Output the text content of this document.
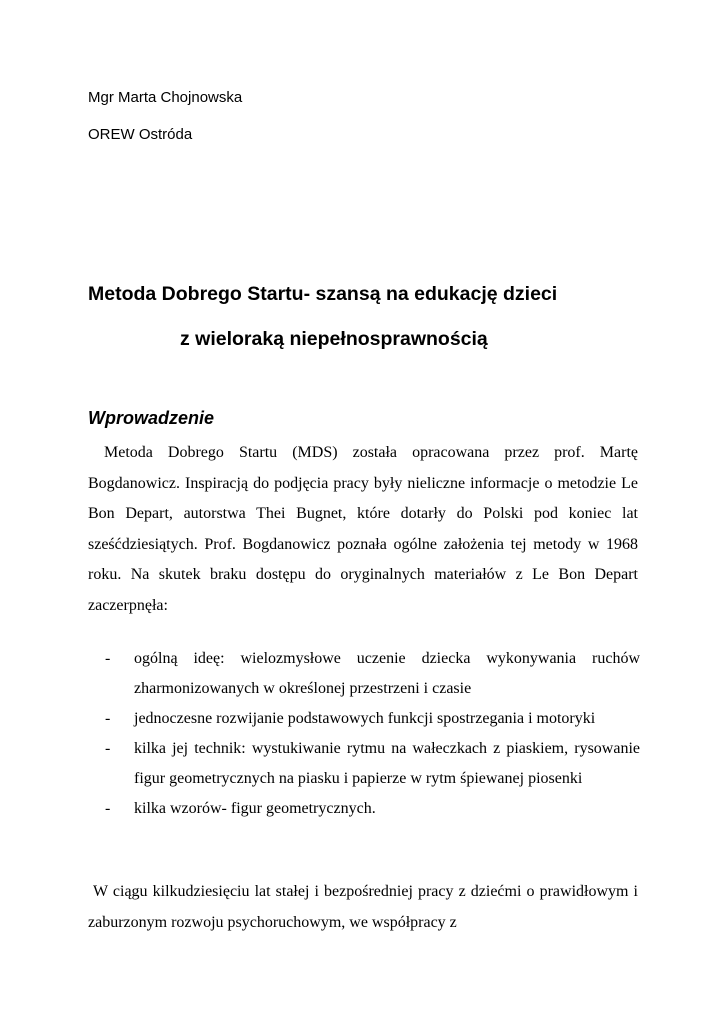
Mgr Marta Chojnowska
OREW Ostróda
Metoda Dobrego Startu- szansą na edukację dzieci
z wieloraką niepełnosprawnością
Wprowadzenie

Metoda Dobrego Startu (MDS) została opracowana przez prof. Martę Bogdanowicz. Inspiracją do podjęcia pracy były nieliczne informacje o metodzie Le Bon Depart, autorstwa Thei Bugnet, które dotarły do Polski pod koniec lat sześćdziesiątych. Prof. Bogdanowicz poznała ogólne założenia tej metody w 1968 roku. Na skutek braku dostępu do oryginalnych materiałów z Le Bon Depart zaczerpnęła:

- ogólną ideę: wielozmysłowe uczenie dziecka wykonywania ruchów zharmonizowanych w określonej przestrzeni i czasie
- jednoczesne rozwijanie podstawowych funkcji spostrzegania i motoryki
- kilka jej technik: wystukiwanie rytmu na wałeczkach z piaskiem, rysowanie figur geometrycznych na piasku i papierze w rytm śpiewanej piosenki
- kilka wzorów- figur geometrycznych.

W ciągu kilkudziesięciu lat stałej i bezpośredniej pracy z dziećmi o prawidłowym i zaburzonym rozwoju psychoruchowym, we współpracy z
